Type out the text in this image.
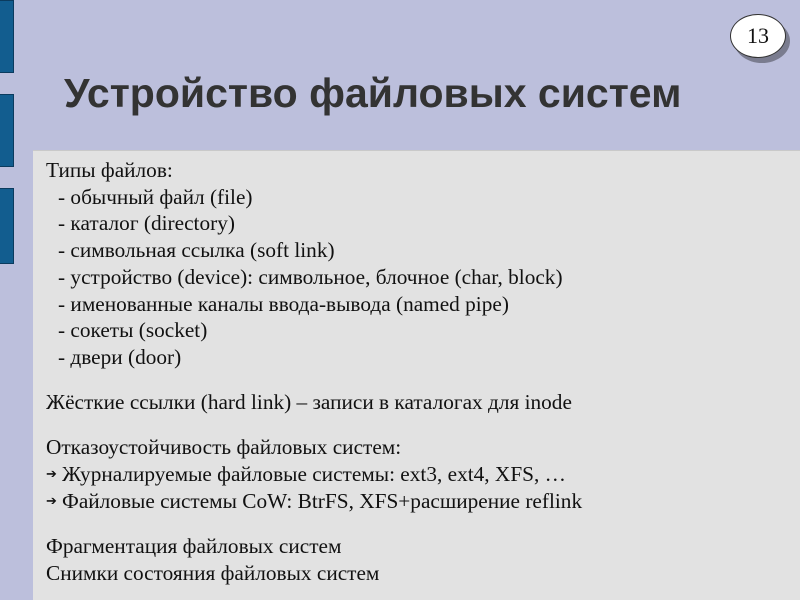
13
Устройство файловых систем
Типы файлов:
- обычный файл (file)
- каталог (directory)
- символьная ссылка (soft link)
- устройство (device): символьное, блочное (char, block)
- именованные каналы ввода-вывода (named pipe)
- сокеты (socket)
- двери (door)
Жёсткие ссылки (hard link) – записи в каталогах для inode
Отказоустойчивость файловых систем:
➔ Журналируемые файловые системы: ext3, ext4, XFS, …
➔ Файловые системы CoW: BtrFS, XFS+расширение reflink
Фрагментация файловых систем
Снимки состояния файловых систем
